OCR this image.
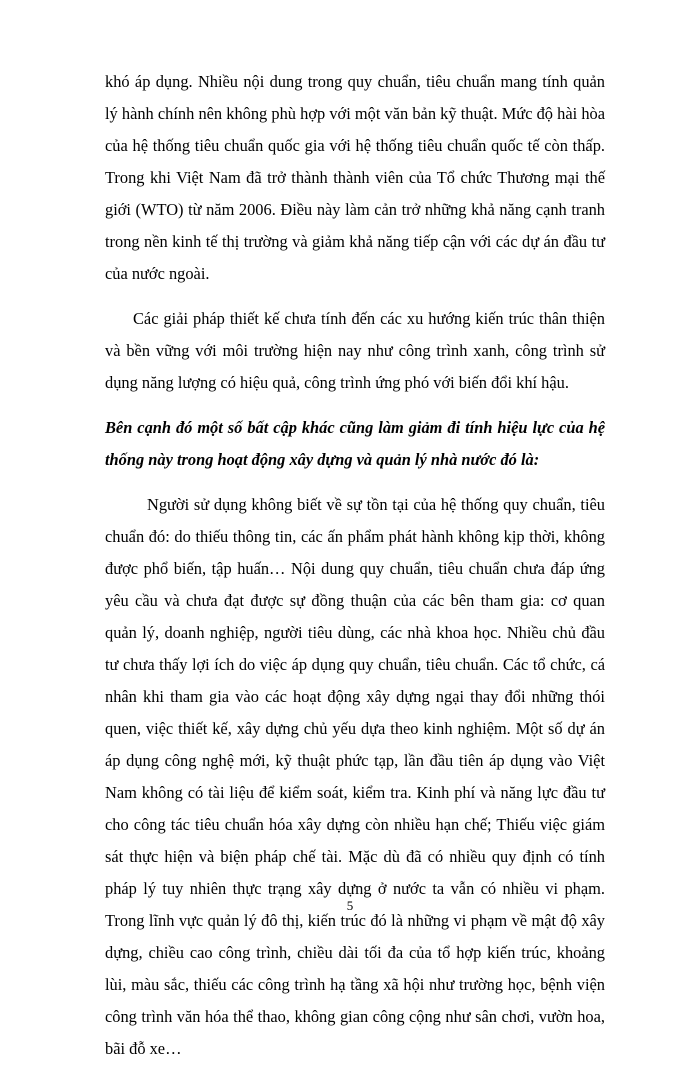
khó áp dụng. Nhiều nội dung trong quy chuẩn, tiêu chuẩn mang tính quản lý hành chính nên không phù hợp với một văn bản kỹ thuật. Mức độ hài hòa của hệ thống tiêu chuẩn quốc gia với hệ thống tiêu chuẩn quốc tế còn thấp. Trong khi Việt Nam đã trở thành thành viên của Tổ chức Thương mại thế giới (WTO) từ năm 2006. Điều này làm cản trở những khả năng cạnh tranh trong nền kinh tế thị trường và giảm khả năng tiếp cận với các dự án đầu tư của nước ngoài.

Các giải pháp thiết kế chưa tính đến các xu hướng kiến trúc thân thiện và bền vững với môi trường hiện nay như công trình xanh, công trình sử dụng năng lượng có hiệu quả, công trình ứng phó với biến đổi khí hậu.

Bên cạnh đó một số bất cập khác cũng làm giảm đi tính hiệu lực của hệ thống này trong hoạt động xây dựng và quản lý nhà nước đó là:

Người sử dụng không biết về sự tồn tại của hệ thống quy chuẩn, tiêu chuẩn đó: do thiếu thông tin, các ấn phẩm phát hành không kịp thời, không được phổ biến, tập huấn… Nội dung quy chuẩn, tiêu chuẩn chưa đáp ứng yêu cầu và chưa đạt được sự đồng thuận của các bên tham gia: cơ quan quản lý, doanh nghiệp, người tiêu dùng, các nhà khoa học. Nhiều chủ đầu tư chưa thấy lợi ích do việc áp dụng quy chuẩn, tiêu chuẩn. Các tổ chức, cá nhân khi tham gia vào các hoạt động xây dựng ngại thay đổi những thói quen, việc thiết kế, xây dựng chủ yếu dựa theo kinh nghiệm. Một số dự án áp dụng công nghệ mới, kỹ thuật phức tạp, lần đầu tiên áp dụng vào Việt Nam không có tài liệu để kiểm soát, kiểm tra. Kinh phí và năng lực đầu tư cho công tác tiêu chuẩn hóa xây dựng còn nhiều hạn chế; Thiếu việc giám sát thực hiện và biện pháp chế tài. Mặc dù đã có nhiều quy định có tính pháp lý tuy nhiên thực trạng xây dựng ở nước ta vẫn có nhiều vi phạm. Trong lĩnh vực quản lý đô thị, kiến trúc đó là những vi phạm về mật độ xây dựng, chiều cao công trình, chiều dài tối đa của tổ hợp kiến trúc, khoảng lùi, màu sắc, thiếu các công trình hạ tầng xã hội như trường học, bệnh viện công trình văn hóa thể thao, không gian công cộng như sân chơi, vườn hoa, bãi đỗ xe…

5
